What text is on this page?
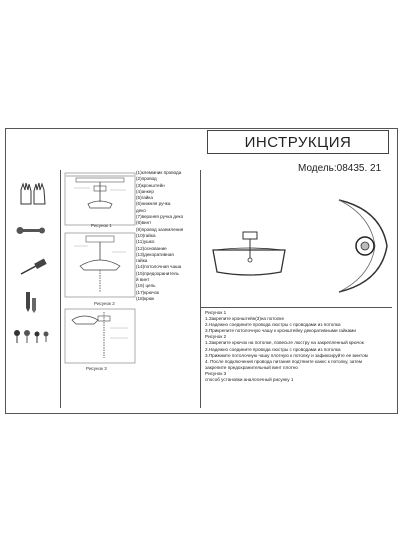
ИНСТРУКЦИЯ
Модель:08435. 21
Рисунок 1
Рисунок 2
Рисунок 3
(1)клеммник провода
(2)провод
(3)кронштейн
(4)анкер
(5)гайка
(6)нижняя ручка
деко
(7)верхняя ручка деко
(8)винт
(9)провод заземления
(10)гайка
(11)ушко
(12)основание
(13)декоративная
гайка
(14)потолочная чаша
(15)предохранитель
й винт
(16) цепь
(17)крючок
(18)крюк
Рисунок 1
1.Закрепите кронштейн(3)на потолке
2.Надежно соедините провода люстры с проводами из потолка
3.Прикрепите потолочную чашу к кронштейну декоративными гайками
Рисунок 2
1.Закрепите крючок на потолке, повесьте люстру на закрепленный крючок
2.Надежно соедините провода люстры с проводами из потолка
3.Прижмите потолочную чашу плотную к потолку и зафиксируйте ее винтом
4. После подключения провода питания подтяните канкс к потолку, затем
закрепите предохранительный винт плотно
Рисунок 3
способ установки аналогичный рисунку 1
